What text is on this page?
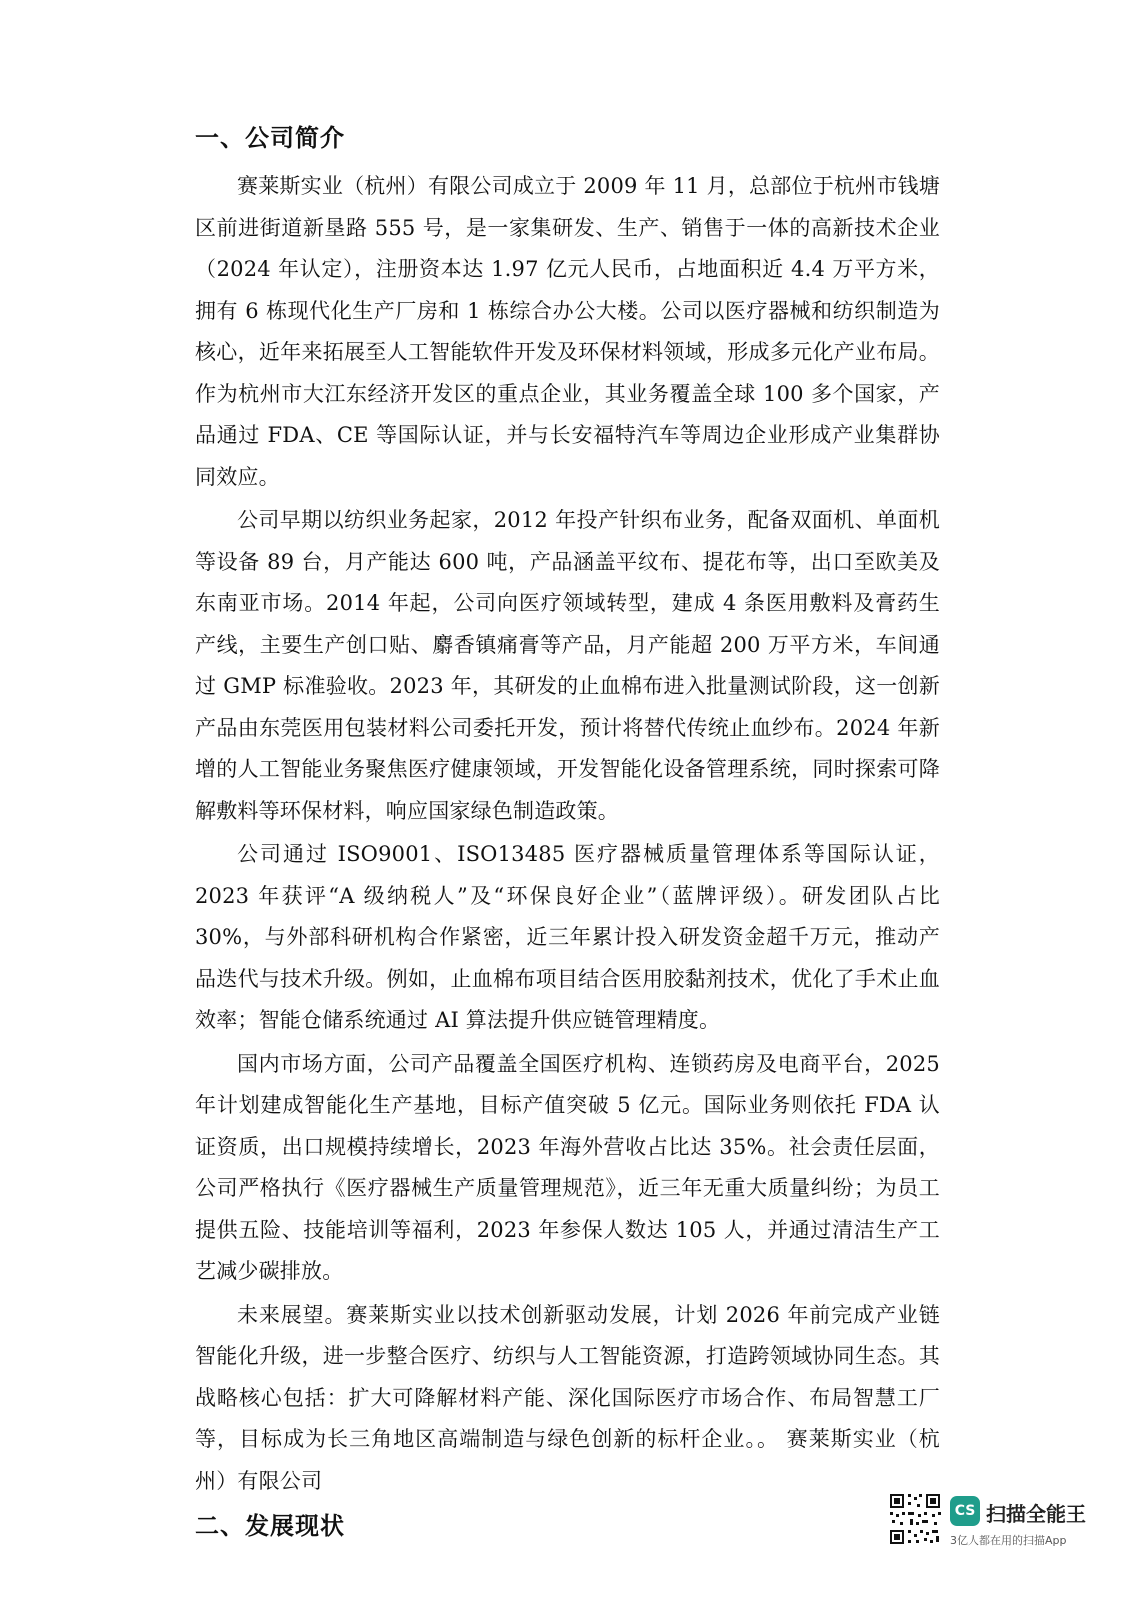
一、公司简介

赛莱斯实业（杭州）有限公司成立于 2009 年 11 月，总部位于杭州市钱塘区前进街道新垦路 555 号，是一家集研发、生产、销售于一体的高新技术企业（2024 年认定），注册资本达 1.97 亿元人民币，占地面积近 4.4 万平方米，拥有 6 栋现代化生产厂房和 1 栋综合办公大楼。公司以医疗器械和纺织制造为核心，近年来拓展至人工智能软件开发及环保材料领域，形成多元化产业布局。作为杭州市大江东经济开发区的重点企业，其业务覆盖全球 100 多个国家，产品通过 FDA、CE 等国际认证，并与长安福特汽车等周边企业形成产业集群协同效应。

公司早期以纺织业务起家，2012 年投产针织布业务，配备双面机、单面机等设备 89 台，月产能达 600 吨，产品涵盖平纹布、提花布等，出口至欧美及东南亚市场。2014 年起，公司向医疗领域转型，建成 4 条医用敷料及膏药生产线，主要生产创口贴、麝香镇痛膏等产品，月产能超 200 万平方米，车间通过 GMP 标准验收。2023 年，其研发的止血棉布进入批量测试阶段，这一创新产品由东莞医用包装材料公司委托开发，预计将替代传统止血纱布。2024 年新增的人工智能业务聚焦医疗健康领域，开发智能化设备管理系统，同时探索可降解敷料等环保材料，响应国家绿色制造政策。

公司通过 ISO9001、ISO13485 医疗器械质量管理体系等国际认证，2023 年获评“A 级纳税人”及“环保良好企业”（蓝牌评级）。研发团队占比 30%，与外部科研机构合作紧密，近三年累计投入研发资金超千万元，推动产品迭代与技术升级。例如，止血棉布项目结合医用胶黏剂技术，优化了手术止血效率；智能仓储系统通过 AI 算法提升供应链管理精度。

国内市场方面，公司产品覆盖全国医疗机构、连锁药房及电商平台，2025 年计划建成智能化生产基地，目标产值突破 5 亿元。国际业务则依托 FDA 认证资质，出口规模持续增长，2023 年海外营收占比达 35%。社会责任层面，公司严格执行《医疗器械生产质量管理规范》，近三年无重大质量纠纷；为员工提供五险、技能培训等福利，2023 年参保人数达 105 人，并通过清洁生产工艺减少碳排放。

未来展望。赛莱斯实业以技术创新驱动发展，计划 2026 年前完成产业链智能化升级，进一步整合医疗、纺织与人工智能资源，打造跨领域协同生态。其战略核心包括：扩大可降解材料产能、深化国际医疗市场合作、布局智慧工厂等，目标成为长三角地区高端制造与绿色创新的标杆企业。。 赛莱斯实业（杭州）有限公司

二、发展现状
CS 扫描全能王
3亿人都在用的扫描App
